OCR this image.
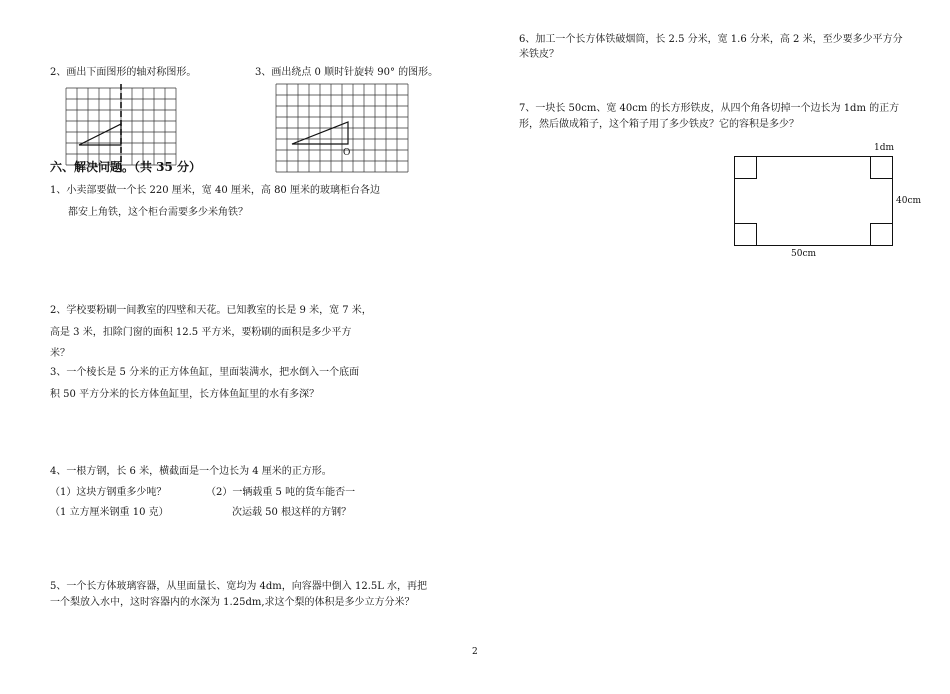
2、画出下面图形的轴对称图形。	3、画出绕点 0 顺时针旋转 90° 的图形。
O
六、解决问题。（共 35 分）
1、小卖部要做一个长 220 厘米，宽 40 厘米，高 80 厘米的玻璃柜台各边
都安上角铁，这个柜台需要多少米角铁？
2、学校要粉刷一间教室的四壁和天花。已知教室的长是 9 米，宽 7 米，
高是 3 米，扣除门窗的面积 12.5 平方米，要粉刷的面积是多少平方
米？
3、一个棱长是 5 分米的正方体鱼缸，里面装满水，把水倒入一个底面
积 50 平方分米的长方体鱼缸里，长方体鱼缸里的水有多深？
4、一根方钢，长 6 米，横截面是一个边长为 4 厘米的正方形。
（1）这块方钢重多少吨？	（2）一辆载重 5 吨的货车能否一
（1 立方厘米钢重 10 克）	次运载 50 根这样的方钢？
5、一个长方体玻璃容器，从里面量长、宽均为 4dm，向容器中倒入 12.5L 水，再把
一个梨放入水中，这时容器内的水深为 1.25dm,求这个梨的体积是多少立方分米？
6、加工一个长方体铁破烟筒，长 2.5 分米，宽 1.6 分米，高 2 米，至少要多少平方分
米铁皮？
7、一块长 50cm、宽 40cm 的长方形铁皮，从四个角各切掉一个边长为 1dm 的正方
形，然后做成箱子，这个箱子用了多少铁皮？它的容积是多少？
1dm
40cm
50cm
2
